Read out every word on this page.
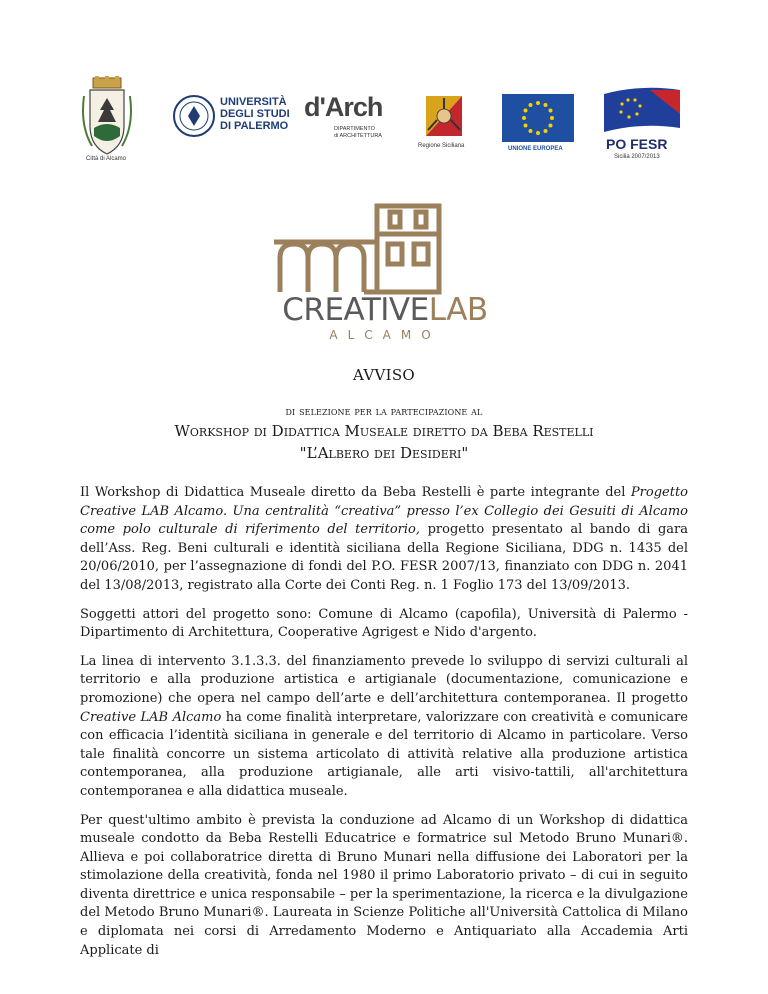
Città di Alcamo
UNIVERSITÀ
DEGLI STUDI
DI PALERMO
d'Arch
DIPARTIMENTO
di ARCHITETTURA
Regione Siciliana	UNIONE EUROPEA	PO FESR
Sicilia 2007/2013
CREATIVELAB
ALCAMO
AVVISO
di selezione per la partecipazione al
Workshop di Didattica Museale diretto da Beba Restelli
"L’Albero dei Desideri"

Il Workshop di Didattica Museale diretto da Beba Restelli è parte integrante del Progetto Creative LAB Alcamo. Una centralità “creativa” presso l’ex Collegio dei Gesuiti di Alcamo come polo culturale di riferimento del territorio, progetto presentato al bando di gara dell’Ass. Reg. Beni culturali e identità siciliana della Regione Siciliana, DDG n. 1435 del 20/06/2010, per l’assegnazione di fondi del P.O. FESR 2007/13, finanziato con DDG n. 2041 del 13/08/2013, registrato alla Corte dei Conti Reg. n. 1 Foglio 173 del 13/09/2013.

Soggetti attori del progetto sono: Comune di Alcamo (capofila), Università di Palermo - Dipartimento di Architettura, Cooperative Agrigest e Nido d'argento.

La linea di intervento 3.1.3.3. del finanziamento prevede lo sviluppo di servizi culturali al territorio e alla produzione artistica e artigianale (documentazione, comunicazione e promozione) che opera nel campo dell’arte e dell’architettura contemporanea. Il progetto Creative LAB Alcamo ha come finalità interpretare, valorizzare con creatività e comunicare con efficacia l’identità siciliana in generale e del territorio di Alcamo in particolare. Verso tale finalità concorre un sistema articolato di attività relative alla produzione artistica contemporanea, alla produzione artigianale, alle arti visivo-tattili, all'architettura contemporanea e alla didattica museale.

Per quest'ultimo ambito è prevista la conduzione ad Alcamo di un Workshop di didattica museale condotto da Beba Restelli Educatrice e formatrice sul Metodo Bruno Munari®. Allieva e poi collaboratrice diretta di Bruno Munari nella diffusione dei Laboratori per la stimolazione della creatività, fonda nel 1980 il primo Laboratorio privato – di cui in seguito diventa direttrice e unica responsabile – per la sperimentazione, la ricerca e la divulgazione del Metodo Bruno Munari®. Laureata in Scienze Politiche all'Università Cattolica di Milano e diplomata nei corsi di Arredamento Moderno e Antiquariato alla Accademia Arti Applicate di
